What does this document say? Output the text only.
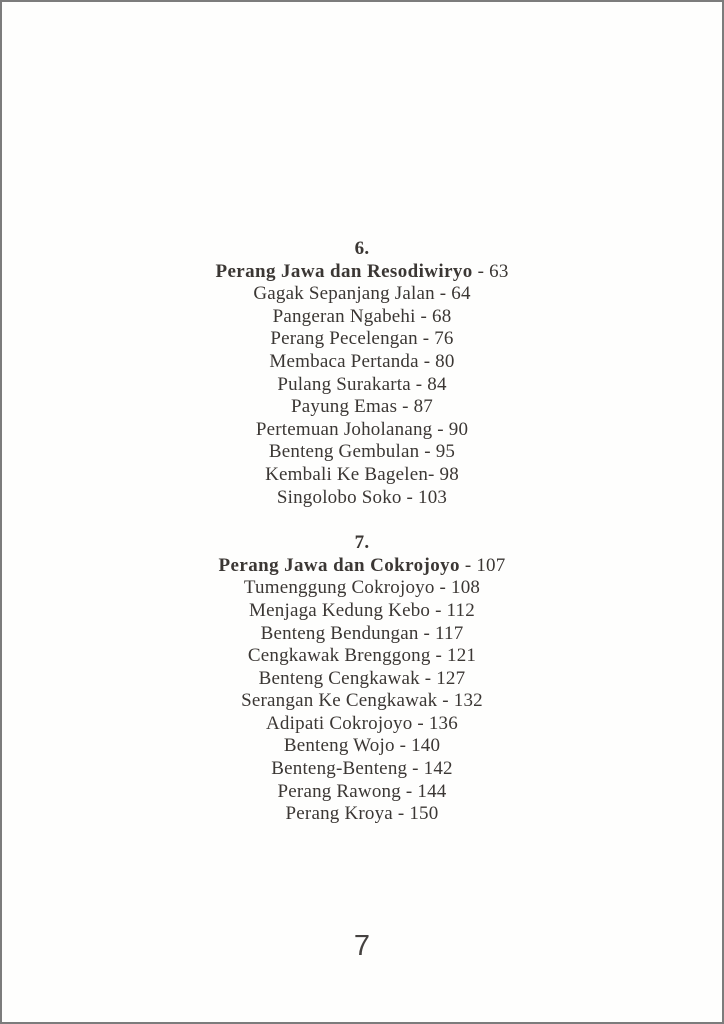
6.
Perang Jawa dan Resodiwiryo - 63
Gagak Sepanjang Jalan - 64
Pangeran Ngabehi - 68
Perang Pecelengan - 76
Membaca Pertanda - 80
Pulang Surakarta - 84
Payung Emas - 87
Pertemuan Joholanang - 90
Benteng Gembulan - 95
Kembali Ke Bagelen- 98
Singolobo Soko - 103
7.
Perang Jawa dan Cokrojoyo - 107
Tumenggung Cokrojoyo - 108
Menjaga Kedung Kebo - 112
Benteng Bendungan - 117
Cengkawak Brenggong - 121
Benteng Cengkawak - 127
Serangan Ke Cengkawak - 132
Adipati Cokrojoyo - 136
Benteng Wojo - 140
Benteng-Benteng - 142
Perang Rawong - 144
Perang Kroya - 150
7
